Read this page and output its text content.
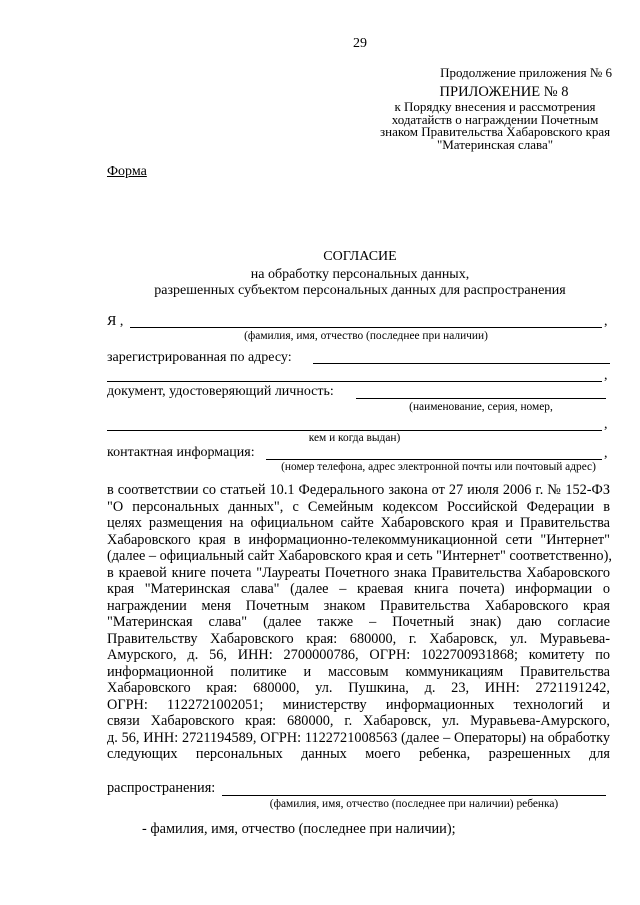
29
Продолжение приложения № 6
ПРИЛОЖЕНИЕ № 8
к Порядку внесения и рассмотрения
ходатайств о награждении Почетным
знаком Правительства Хабаровского края
"Материнская слава"
Форма
СОГЛАСИЕ
на обработку персональных данных,
разрешенных субъектом персональных данных для распространения
Я ,	,
(фамилия, имя, отчество (последнее при наличии)
зарегистрированная по адресу:
,
документ, удостоверяющий личность:
(наименование, серия, номер,
,
кем и когда выдан)
контактная информация:	,
(номер телефона, адрес электронной почты или почтовый адрес)
в соответствии со статьей 10.1 Федерального закона от 27 июля 2006 г. № 152-ФЗ
"О персональных данных", с Семейным кодексом Российской Федерации в
целях размещения на официальном сайте Хабаровского края и Правительства
Хабаровского края в информационно-телекоммуникационной сети "Интернет"
(далее – официальный сайт Хабаровского края и сеть "Интернет" соответственно),
в краевой книге почета "Лауреаты Почетного знака Правительства Хабаровского
края "Материнская слава" (далее – краевая книга почета) информации о
награждении меня Почетным знаком Правительства Хабаровского края
"Материнская слава" (далее также – Почетный знак) даю согласие
Правительству Хабаровского края: 680000, г. Хабаровск, ул. Муравьева-
Амурского, д. 56, ИНН: 2700000786, ОГРН: 1022700931868; комитету по
информационной политике и массовым коммуникациям Правительства
Хабаровского края: 680000, ул. Пушкина, д. 23, ИНН: 2721191242,
ОГРН: 1122721002051; министерству информационных технологий и
связи Хабаровского края: 680000, г. Хабаровск, ул. Муравьева-Амурского,
д. 56, ИНН: 2721194589, ОГРН: 1122721008563 (далее – Операторы) на обработку
следующих персональных данных моего ребенка, разрешенных для
распространения:
(фамилия, имя, отчество (последнее при наличии) ребенка)
- фамилия, имя, отчество (последнее при наличии);
